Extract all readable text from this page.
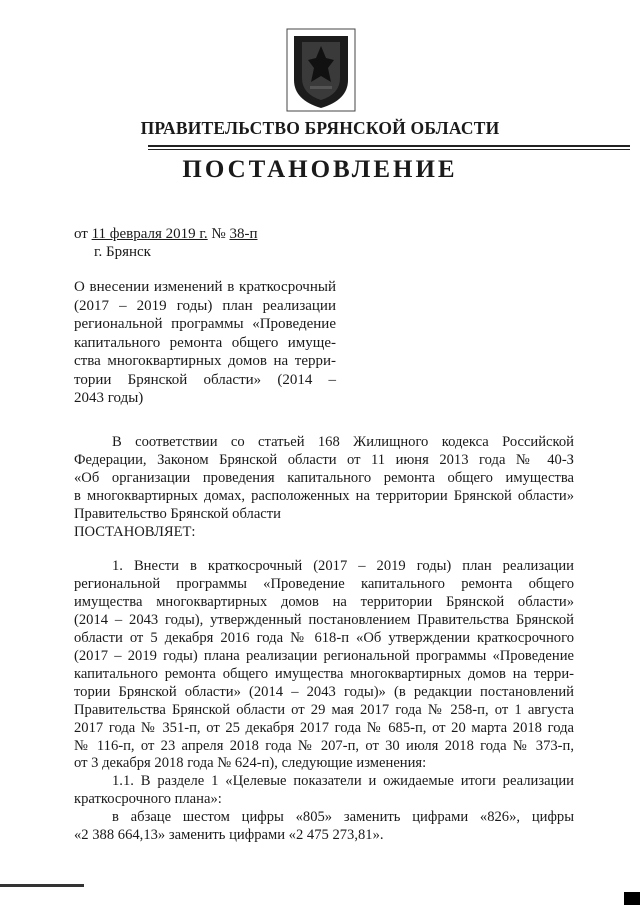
ПРАВИТЕЛЬСТВО БРЯНСКОЙ ОБЛАСТИ
ПОСТАНОВЛЕНИЕ
от 11 февраля 2019 г. № 38-п
г. Брянск
О внесении изменений в краткосрочный
(2017 – 2019 годы) план реализации
региональной программы «Проведение
капитального ремонта общего имуще-
ства многоквартирных домов на терри-
тории Брянской области» (2014 –
2043 годы)
В соответствии со статьей 168 Жилищного кодекса Российской
Федерации, Законом Брянской области от 11 июня 2013 года № 40-З
«Об организации проведения капитального ремонта общего имущества
в многоквартирных домах, расположенных на территории Брянской области»
Правительство Брянской области
ПОСТАНОВЛЯЕТ:
1. Внести в краткосрочный (2017 – 2019 годы) план реализации
региональной программы «Проведение капитального ремонта общего
имущества многоквартирных домов на территории Брянской области»
(2014 – 2043 годы), утвержденный постановлением Правительства Брянской
области от 5 декабря 2016 года № 618-п «Об утверждении краткосрочного
(2017 – 2019 годы) плана реализации региональной программы «Проведение
капитального ремонта общего имущества многоквартирных домов на терри-
тории Брянской области» (2014 – 2043 годы)» (в редакции постановлений
Правительства Брянской области от 29 мая 2017 года № 258-п, от 1 августа
2017 года № 351-п, от 25 декабря 2017 года № 685-п, от 20 марта 2018 года
№ 116-п, от 23 апреля 2018 года № 207-п, от 30 июля 2018 года № 373-п,
от 3 декабря 2018 года № 624-п), следующие изменения:
1.1. В разделе 1 «Целевые показатели и ожидаемые итоги реализации
краткосрочного плана»:
в абзаце шестом цифры «805» заменить цифрами «826», цифры
«2 388 664,13» заменить цифрами «2 475 273,81».
